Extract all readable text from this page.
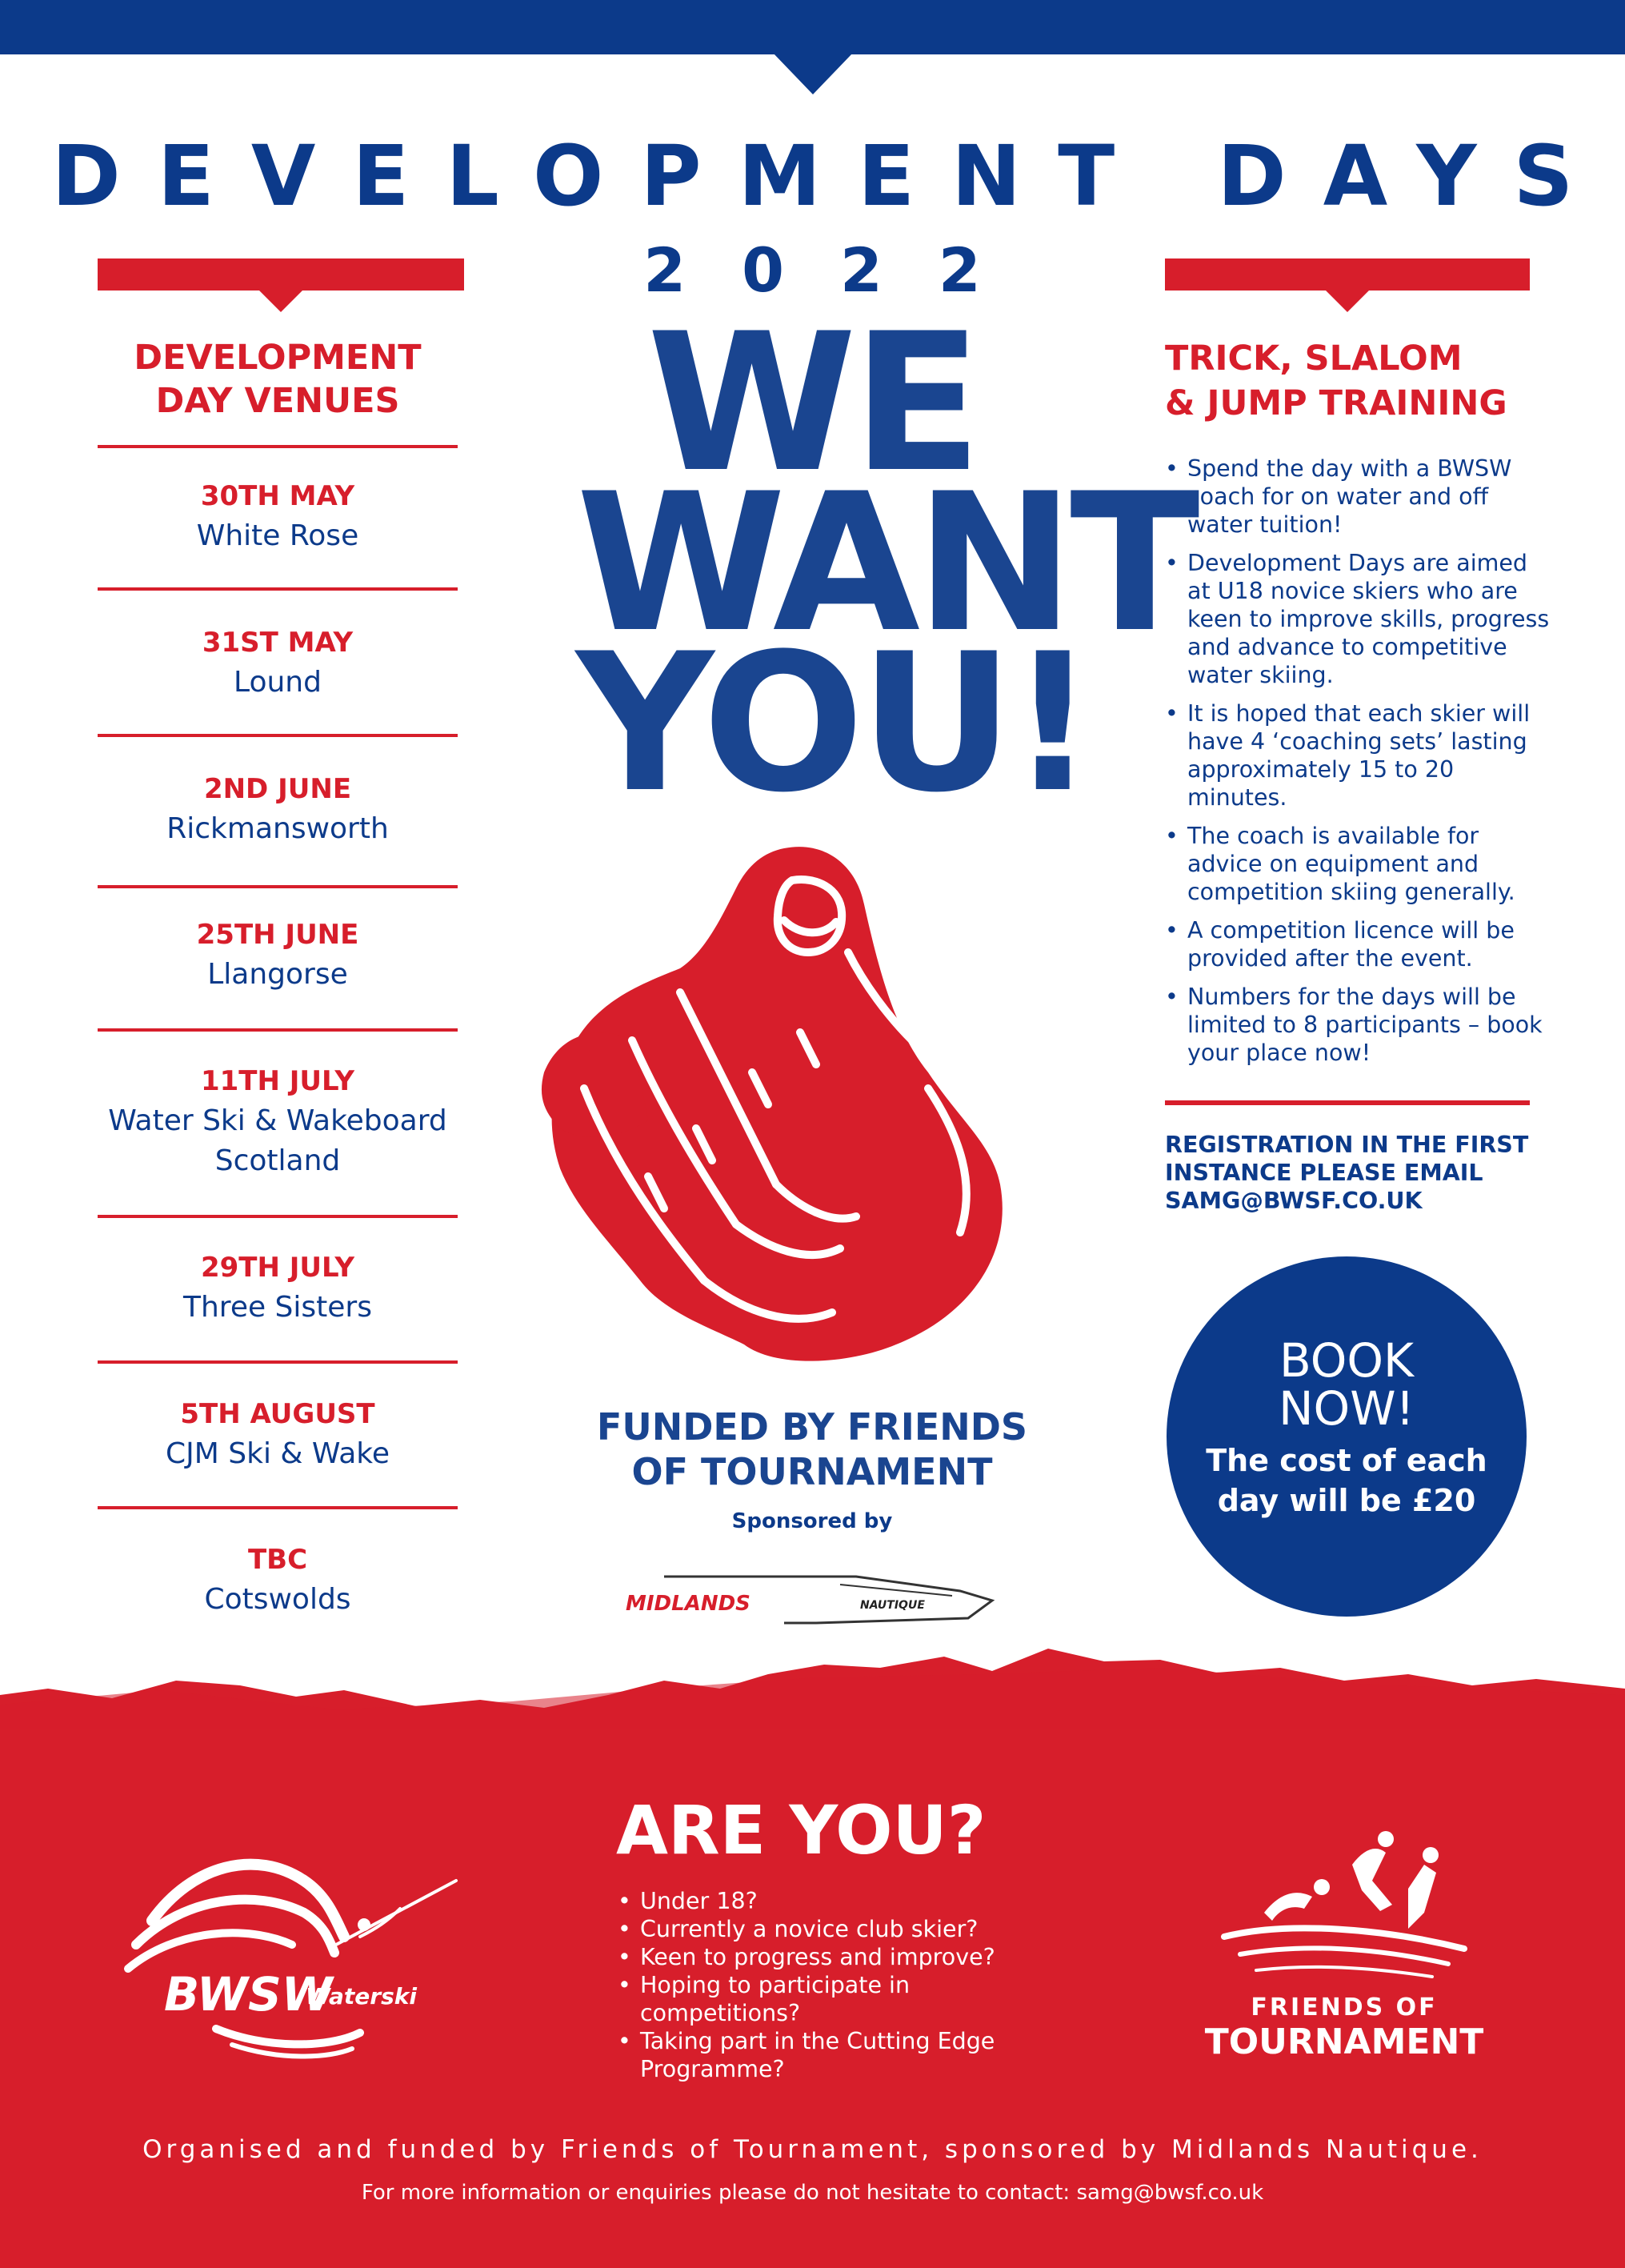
DEVELOPMENT DAYS
2022
DEVELOPMENT
DAY VENUES
30TH MAY
White Rose
31ST MAY
Lound
2ND JUNE
Rickmansworth
25TH JUNE
Llangorse
11TH JULY
Water Ski & Wakeboard
Scotland
29TH JULY
Three Sisters
5TH AUGUST
CJM Ski & Wake
TBC
Cotswolds
TRICK, SLALOM
& JUMP TRAINING
• Spend the day with a BWSW coach for on water and off water tuition!
• Development Days are aimed at U18 novice skiers who are keen to improve skills, progress and advance to competitive water skiing.
• It is hoped that each skier will have 4 ‘coaching sets’ lasting approximately 15 to 20 minutes.
• The coach is available for advice on equipment and competition skiing generally.
• A competition licence will be provided after the event.
• Numbers for the days will be limited to 8 participants – book your place now!
REGISTRATION IN THE FIRST INSTANCE PLEASE EMAIL SAMG@BWSF.CO.UK
BOOK
NOW!
The cost of each day will be £20
WE
WANT
YOU!
FUNDED BY FRIENDS
OF TOURNAMENT
Sponsored by
MIDLANDS	NAUTIQUE
ARE YOU?
• Under 18?
• Currently a novice club skier?
• Keen to progress and improve?
• Hoping to participate in competitions?
• Taking part in the Cutting Edge Programme?
BWSW
Waterski	FRIENDS OF
TOURNAMENT
Organised and funded by Friends of Tournament, sponsored by Midlands Nautique.
For more information or enquiries please do not hesitate to contact: samg@bwsf.co.uk
